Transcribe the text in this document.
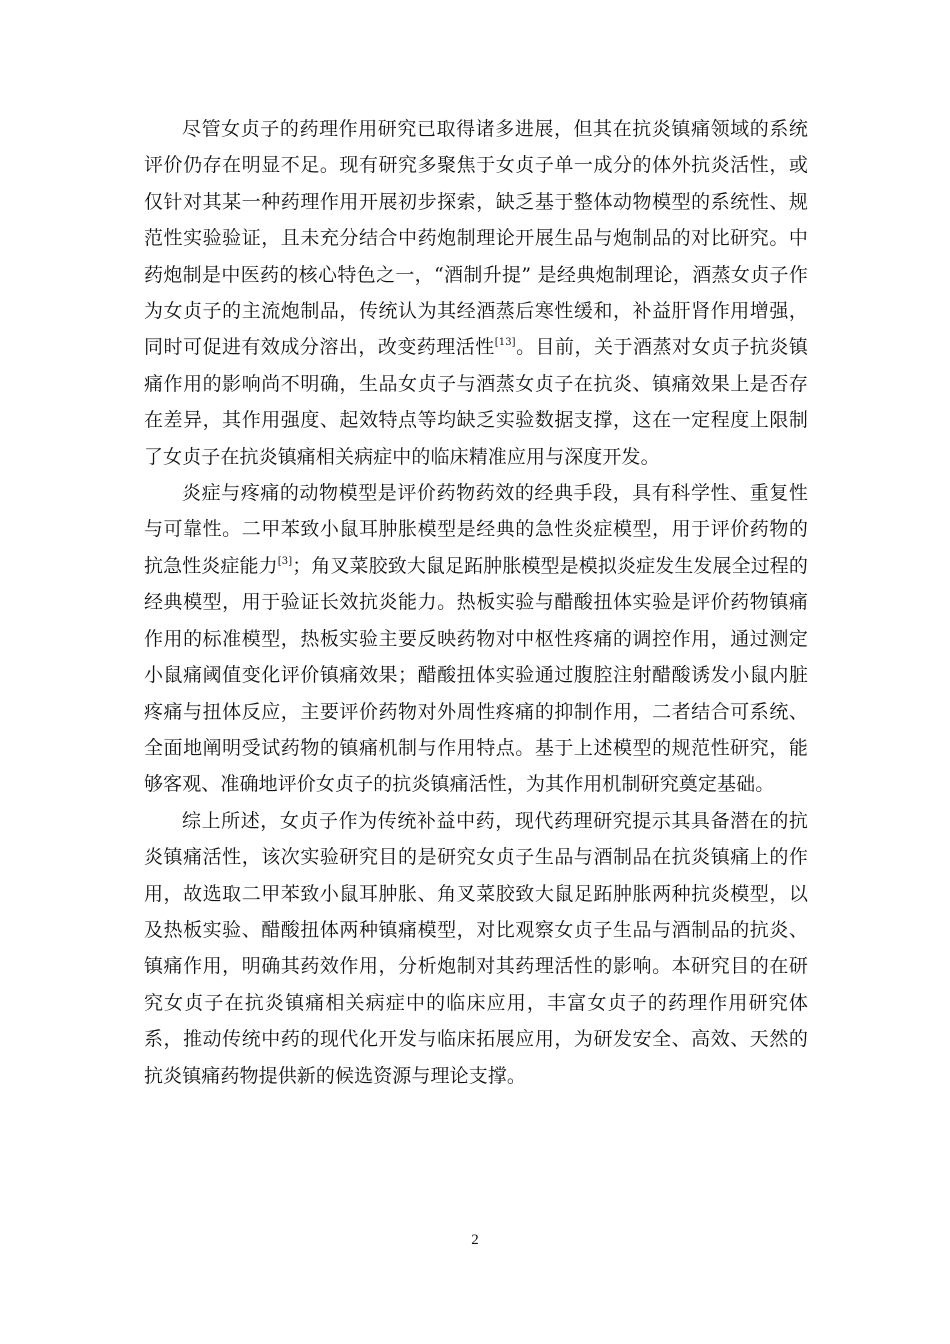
尽管女贞子的药理作用研究已取得诸多进展，但其在抗炎镇痛领域的系统评价仍存在明显不足。现有研究多聚焦于女贞子单一成分的体外抗炎活性，或仅针对其某一种药理作用开展初步探索，缺乏基于整体动物模型的系统性、规范性实验验证，且未充分结合中药炮制理论开展生品与炮制品的对比研究。中药炮制是中医药的核心特色之一，“酒制升提” 是经典炮制理论，酒蒸女贞子作为女贞子的主流炮制品，传统认为其经酒蒸后寒性缓和，补益肝肾作用增强，同时可促进有效成分溶出，改变药理活性[13]。目前，关于酒蒸对女贞子抗炎镇痛作用的影响尚不明确，生品女贞子与酒蒸女贞子在抗炎、镇痛效果上是否存在差异，其作用强度、起效特点等均缺乏实验数据支撑，这在一定程度上限制了女贞子在抗炎镇痛相关病症中的临床精准应用与深度开发。

炎症与疼痛的动物模型是评价药物药效的经典手段，具有科学性、重复性与可靠性。二甲苯致小鼠耳肿胀模型是经典的急性炎症模型，用于评价药物的抗急性炎症能力[3]；角叉菜胶致大鼠足跖肿胀模型是模拟炎症发生发展全过程的经典模型，用于验证长效抗炎能力。热板实验与醋酸扭体实验是评价药物镇痛作用的标准模型，热板实验主要反映药物对中枢性疼痛的调控作用，通过测定小鼠痛阈值变化评价镇痛效果；醋酸扭体实验通过腹腔注射醋酸诱发小鼠内脏疼痛与扭体反应，主要评价药物对外周性疼痛的抑制作用，二者结合可系统、全面地阐明受试药物的镇痛机制与作用特点。基于上述模型的规范性研究，能够客观、准确地评价女贞子的抗炎镇痛活性，为其作用机制研究奠定基础。

综上所述，女贞子作为传统补益中药，现代药理研究提示其具备潜在的抗炎镇痛活性，该次实验研究目的是研究女贞子生品与酒制品在抗炎镇痛上的作用，故选取二甲苯致小鼠耳肿胀、角叉菜胶致大鼠足跖肿胀两种抗炎模型，以及热板实验、醋酸扭体两种镇痛模型，对比观察女贞子生品与酒制品的抗炎、镇痛作用，明确其药效作用，分析炮制对其药理活性的影响。本研究目的在研究女贞子在抗炎镇痛相关病症中的临床应用，丰富女贞子的药理作用研究体系，推动传统中药的现代化开发与临床拓展应用，为研发安全、高效、天然的抗炎镇痛药物提供新的候选资源与理论支撑。

2
